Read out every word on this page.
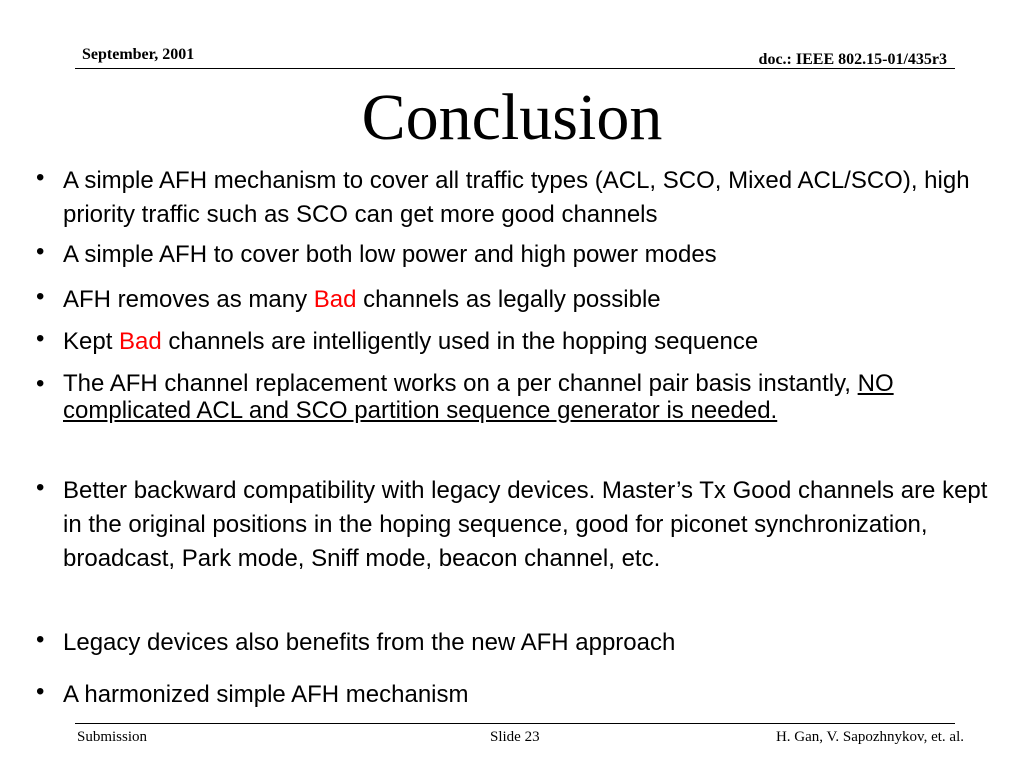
September, 2001	doc.: IEEE 802.15-01/435r3
Conclusion
• A simple AFH mechanism to cover all traffic types (ACL, SCO, Mixed ACL/SCO), high priority traffic such as SCO can get more good channels
• A simple AFH to cover both low power and high power modes
• AFH removes as many Bad channels as legally possible
• Kept Bad channels are intelligently used in the hopping sequence
• The AFH channel replacement works on a per channel pair basis instantly, NO complicated ACL and SCO partition sequence generator is needed.
• Better backward compatibility with legacy devices. Master’s Tx Good channels are kept in the original positions in the hoping sequence, good for piconet synchronization, broadcast, Park mode, Sniff mode, beacon channel, etc.
• Legacy devices also benefits from the new AFH approach
• A harmonized simple AFH mechanism
Submission	Slide 23	H. Gan, V. Sapozhnykov, et. al.
